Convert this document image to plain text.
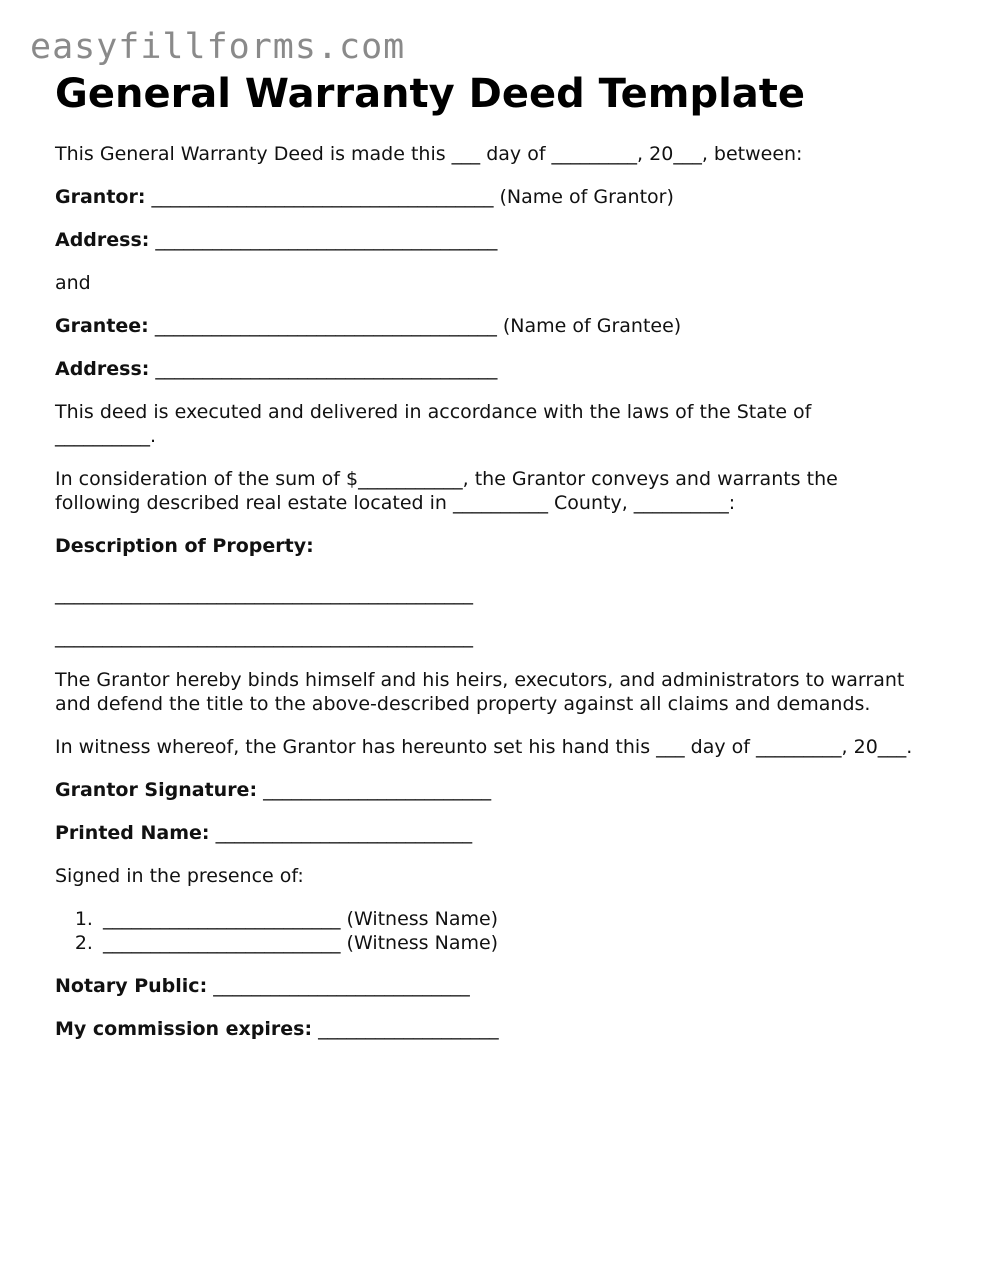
easyfillforms.com
General Warranty Deed Template

This General Warranty Deed is made this ___ day of _________, 20___, between:

Grantor: ____________________________________ (Name of Grantor)

Address: ____________________________________

and

Grantee: ____________________________________ (Name of Grantee)

Address: ____________________________________

This deed is executed and delivered in accordance with the laws of the State of __________.

In consideration of the sum of $___________, the Grantor conveys and warrants the following described real estate located in __________ County, __________:

Description of Property:

____________________________________________

____________________________________________

The Grantor hereby binds himself and his heirs, executors, and administrators to warrant and defend the title to the above-described property against all claims and demands.

In witness whereof, the Grantor has hereunto set his hand this ___ day of _________, 20___.

Grantor Signature: ________________________

Printed Name: ___________________________

Signed in the presence of:

1. _________________________ (Witness Name)
2. _________________________ (Witness Name)

Notary Public: ___________________________

My commission expires: ___________________
